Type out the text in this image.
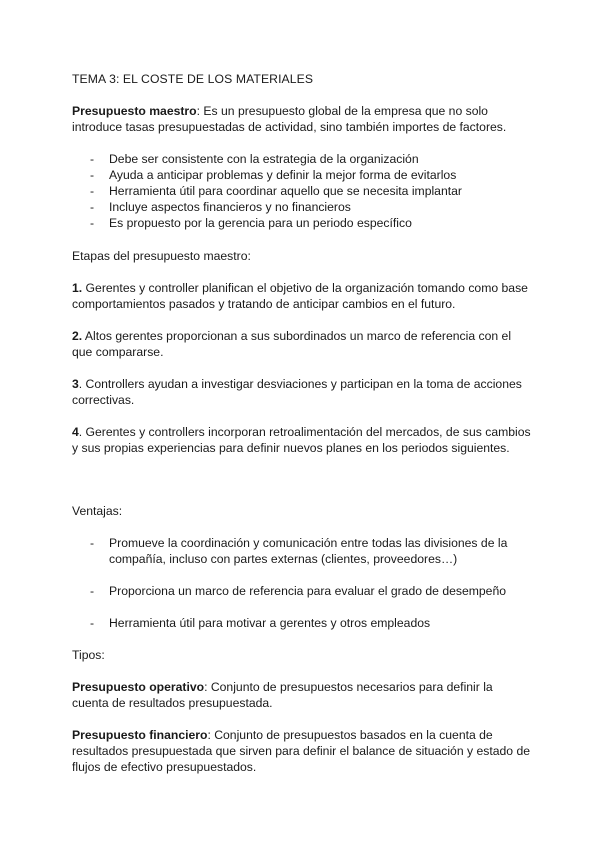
TEMA 3: EL COSTE DE LOS MATERIALES
Presupuesto maestro: Es un presupuesto global de la empresa que no solo introduce tasas presupuestadas de actividad, sino también importes de factores.
- Debe ser consistente con la estrategia de la organización
- Ayuda a anticipar problemas y definir la mejor forma de evitarlos
- Herramienta útil para coordinar aquello que se necesita implantar
- Incluye aspectos financieros y no financieros
- Es propuesto por la gerencia para un periodo específico
Etapas del presupuesto maestro:
1. Gerentes y controller planifican el objetivo de la organización tomando como base comportamientos pasados y tratando de anticipar cambios en el futuro.
2. Altos gerentes proporcionan a sus subordinados un marco de referencia con el que compararse.
3. Controllers ayudan a investigar desviaciones y participan en la toma de acciones correctivas.
4. Gerentes y controllers incorporan retroalimentación del mercados, de sus cambios y sus propias experiencias para definir nuevos planes en los periodos siguientes.
Ventajas:
- Promueve la coordinación y comunicación entre todas las divisiones de la compañía, incluso con partes externas (clientes, proveedores…)
- Proporciona un marco de referencia para evaluar el grado de desempeño
- Herramienta útil para motivar a gerentes y otros empleados
Tipos:
Presupuesto operativo: Conjunto de presupuestos necesarios para definir la cuenta de resultados presupuestada.
Presupuesto financiero: Conjunto de presupuestos basados en la cuenta de resultados presupuestada que sirven para definir el balance de situación y estado de flujos de efectivo presupuestados.
